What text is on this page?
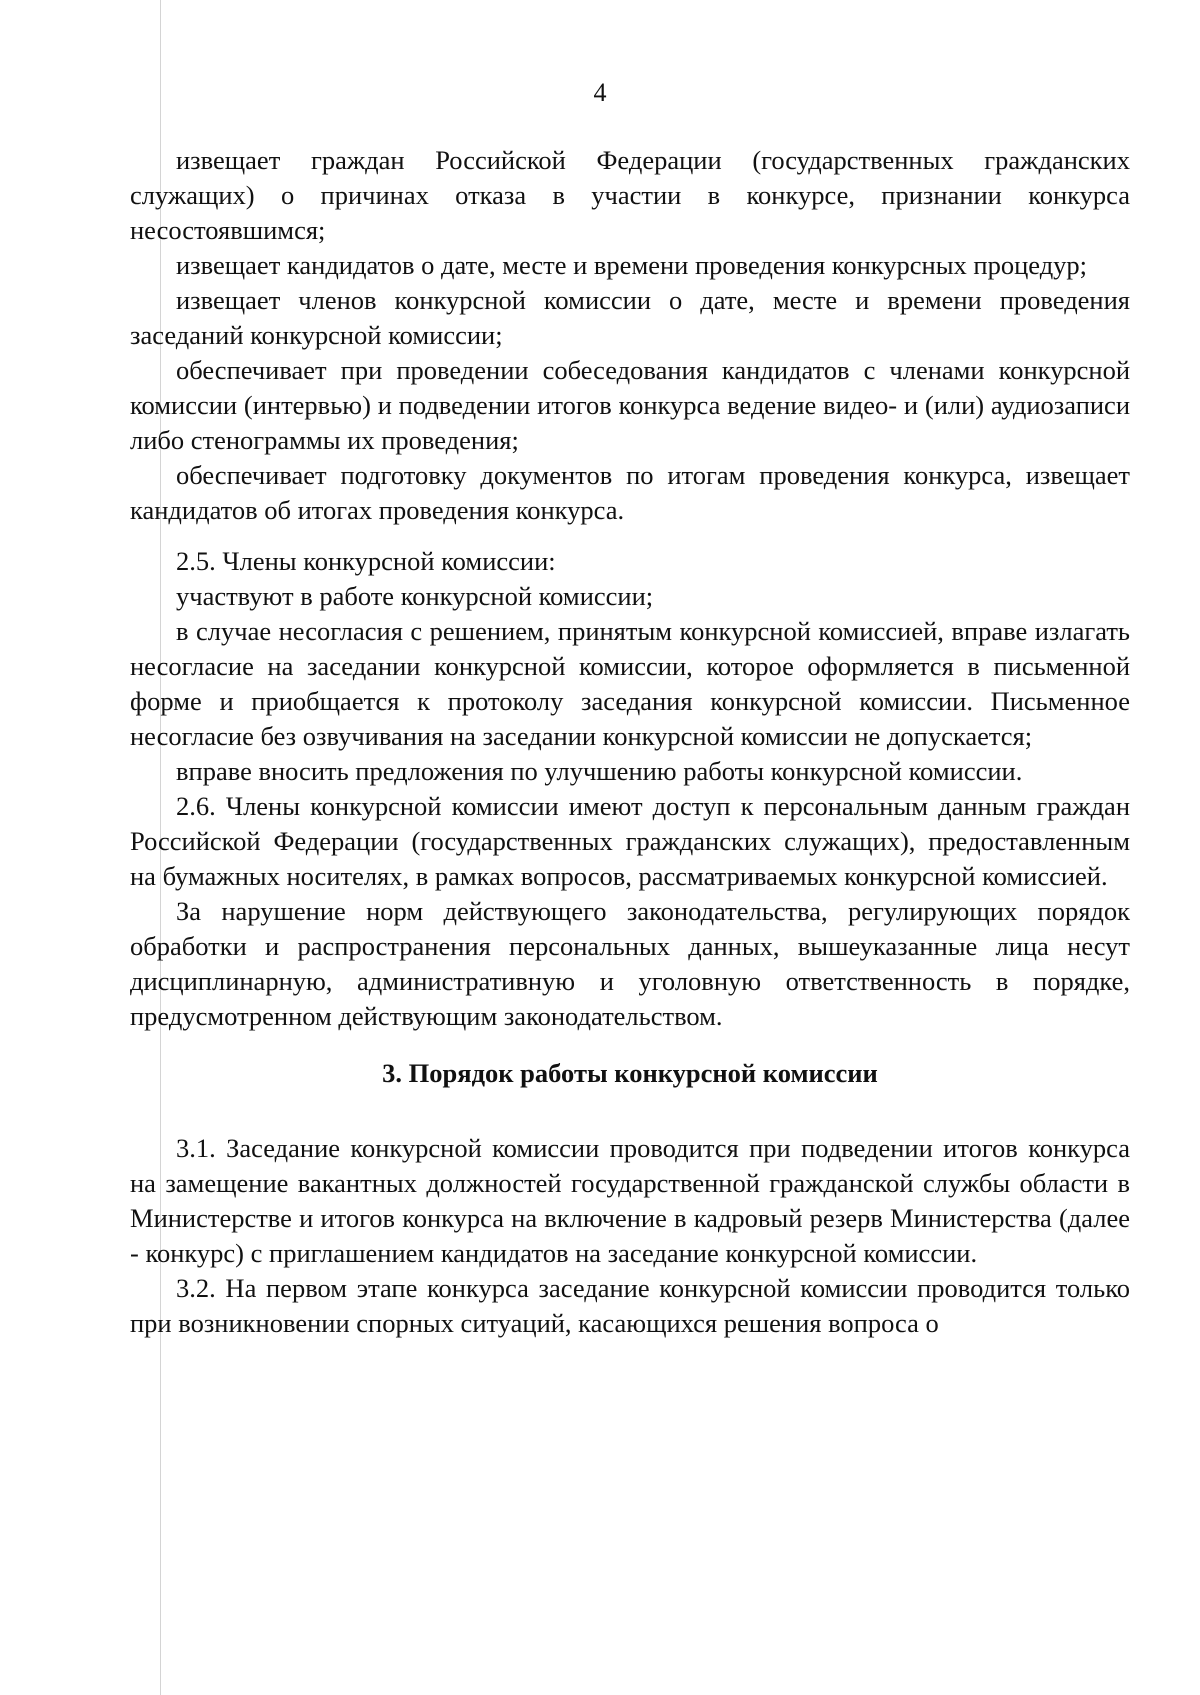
4

извещает граждан Российской Федерации (государственных гражданских служащих) о причинах отказа в участии в конкурсе, признании конкурса несостоявшимся;

извещает кандидатов о дате, месте и времени проведения конкурсных процедур;

извещает членов конкурсной комиссии о дате, месте и времени проведения заседаний конкурсной комиссии;

обеспечивает при проведении собеседования кандидатов с членами конкурсной комиссии (интервью) и подведении итогов конкурса ведение видео- и (или) аудиозаписи либо стенограммы их проведения;

обеспечивает подготовку документов по итогам проведения конкурса, извещает кандидатов об итогах проведения конкурса.

2.5. Члены конкурсной комиссии:

участвуют в работе конкурсной комиссии;

в случае несогласия с решением, принятым конкурсной комиссией, вправе излагать несогласие на заседании конкурсной комиссии, которое оформляется в письменной форме и приобщается к протоколу заседания конкурсной комиссии. Письменное несогласие без озвучивания на заседании конкурсной комиссии не допускается;

вправе вносить предложения по улучшению работы конкурсной комиссии.

2.6. Члены конкурсной комиссии имеют доступ к персональным данным граждан Российской Федерации (государственных гражданских служащих), предоставленным на бумажных носителях, в рамках вопросов, рассматриваемых конкурсной комиссией.

За нарушение норм действующего законодательства, регулирующих порядок обработки и распространения персональных данных, вышеуказанные лица несут дисциплинарную, административную и уголовную ответственность в порядке, предусмотренном действующим законодательством.

3. Порядок работы конкурсной комиссии

3.1. Заседание конкурсной комиссии проводится при подведении итогов конкурса на замещение вакантных должностей государственной гражданской службы области в Министерстве и итогов конкурса на включение в кадровый резерв Министерства (далее - конкурс) с приглашением кандидатов на заседание конкурсной комиссии.

3.2. На первом этапе конкурса заседание конкурсной комиссии проводится только при возникновении спорных ситуаций, касающихся решения вопроса о
